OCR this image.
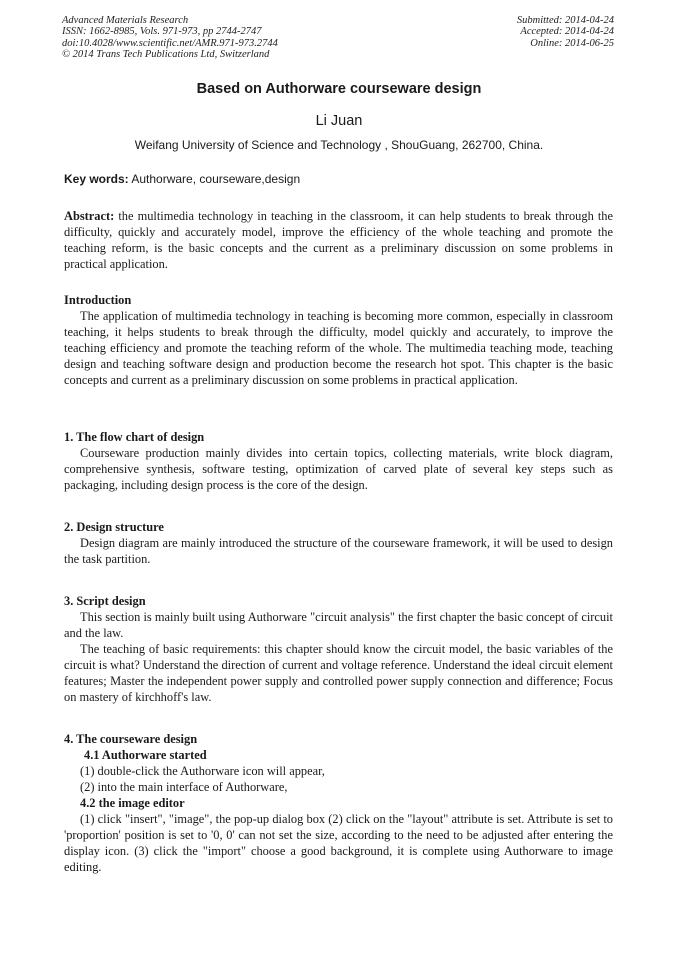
Advanced Materials Research
ISSN: 1662-8985, Vols. 971-973, pp 2744-2747
doi:10.4028/www.scientific.net/AMR.971-973.2744
© 2014 Trans Tech Publications Ltd, Switzerland
Submitted: 2014-04-24
Accepted: 2014-04-24
Online: 2014-06-25
Based on Authorware courseware design
Li Juan
Weifang University of Science and Technology , ShouGuang, 262700, China.
Key words: Authorware, courseware,design

Abstract: the multimedia technology in teaching in the classroom, it can help students to break through the difficulty, quickly and accurately model, improve the efficiency of the whole teaching and promote the teaching reform, is the basic concepts and the current as a preliminary discussion on some problems in practical application.

Introduction

The application of multimedia technology in teaching is becoming more common, especially in classroom teaching, it helps students to break through the difficulty, model quickly and accurately, to improve the teaching efficiency and promote the teaching reform of the whole. The multimedia teaching mode, teaching design and teaching software design and production become the research hot spot. This chapter is the basic concepts and current as a preliminary discussion on some problems in practical application.

1. The flow chart of design

Courseware production mainly divides into certain topics, collecting materials, write block diagram, comprehensive synthesis, software testing, optimization of carved plate of several key steps such as packaging, including design process is the core of the design.

2. Design structure

Design diagram are mainly introduced the structure of the courseware framework, it will be used to design the task partition.

3. Script design

This section is mainly built using Authorware "circuit analysis" the first chapter the basic concept of circuit and the law.

The teaching of basic requirements: this chapter should know the circuit model, the basic variables of the circuit is what? Understand the direction of current and voltage reference. Understand the ideal circuit element features; Master the independent power supply and controlled power supply connection and difference; Focus on mastery of kirchhoff's law.

4. The courseware design

4.1 Authorware started

(1) double-click the Authorware icon will appear,

(2) into the main interface of Authorware,

4.2 the image editor

(1) click "insert", "image", the pop-up dialog box (2) click on the "layout" attribute is set. Attribute is set to 'proportion' position is set to '0, 0' can not set the size, according to the need to be adjusted after entering the display icon. (3) click the "import" choose a good background, it is complete using Authorware to image editing.
